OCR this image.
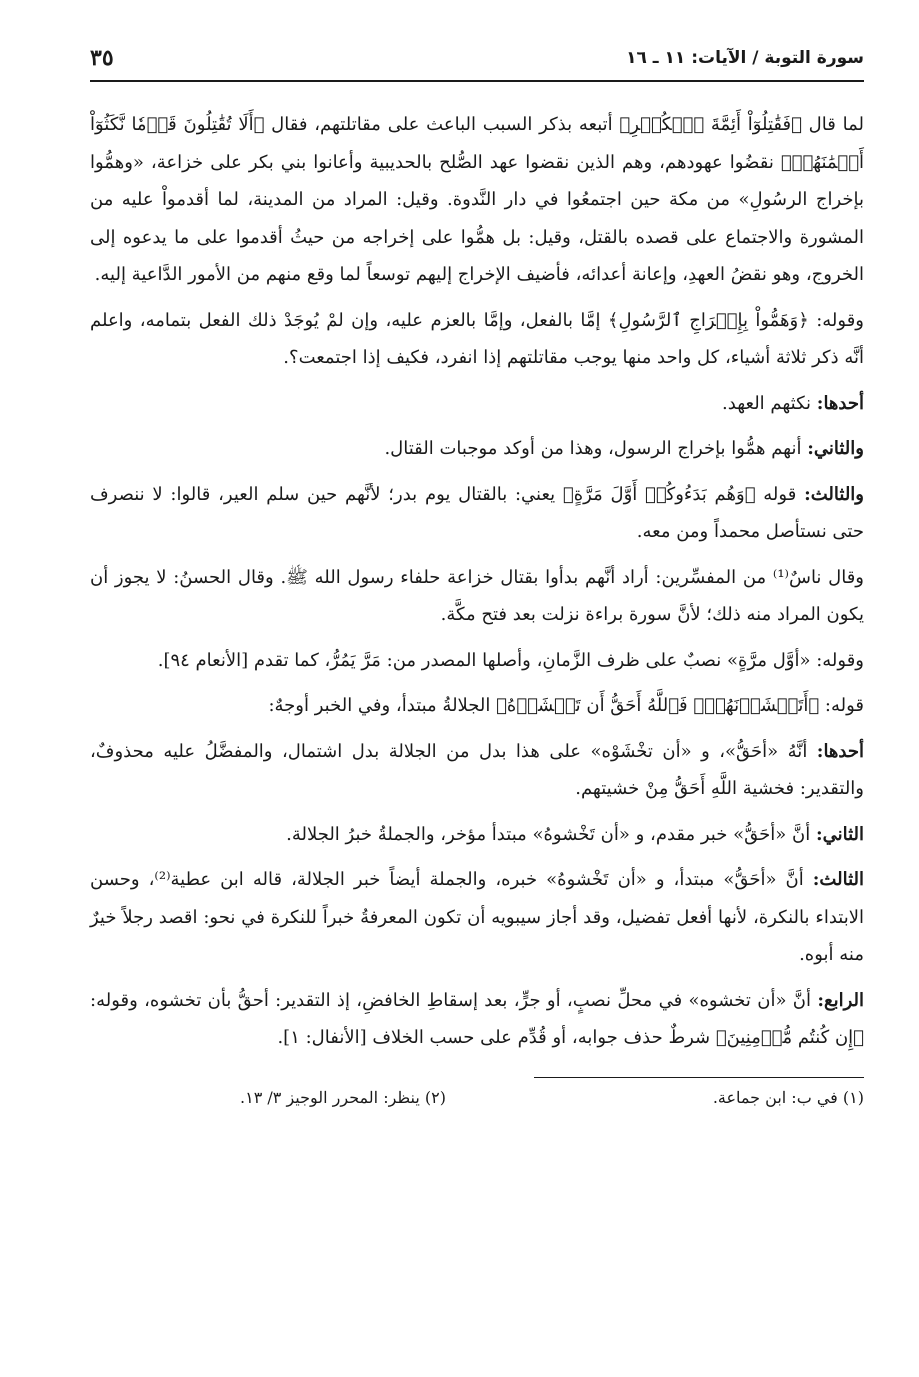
سورة التوبة / الآيات: ١١ ـ ١٦
٣٥

لما قال ﴿فَقَٰتِلُوٓاْ أَئِمَّةَ ٱلۡكُفۡرِ﴾ أتبعه بذكر السبب الباعث على مقاتلتهم، فقال ﴿أَلَا تُقَٰتِلُونَ قَوۡمٗا نَّكَثُوٓاْ أَيۡمَٰنَهُمۡ﴾ نقضُوا عهودهم، وهم الذين نقضوا عهد الصُّلح بالحديبية وأعانوا بني بكر على خزاعة، «وهمُّوا بإخراج الرسُولِ» من مكة حين اجتمعُوا في دار النَّدوة. وقيل: المراد من المدينة، لما أقدمواْ عليه من المشورة والاجتماع على قصده بالقتل، وقيل: بل همُّوا على إخراجه من حيثُ أقدموا على ما يدعوه إلى الخروج، وهو نقضُ العهدِ، وإعانة أعدائه، فأضيف الإخراج إليهم توسعاً لما وقع منهم من الأمور الدَّاعية إليه.

وقوله: ﴿وَهَمُّواْ بِإِخۡرَاجِ ٱلرَّسُولِ﴾ إمَّا بالفعل، وإمَّا بالعزم عليه، وإن لمْ يُوجَدْ ذلك الفعل بتمامه، واعلم أنَّه ذكر ثلاثة أشياء، كل واحد منها يوجب مقاتلتهم إذا انفرد، فكيف إذا اجتمعت؟.

أحدها: نكثهم العهد.

والثاني: أنهم همُّوا بإخراج الرسول، وهذا من أوكد موجبات القتال.

والثالث: قوله ﴿وَهُم بَدَءُوكُمۡ أَوَّلَ مَرَّةٍ﴾ يعني: بالقتال يوم بدر؛ لأنَّهم حين سلم العير، قالوا: لا ننصرف حتى نستأصل محمداً ومن معه.

وقال ناسٌ⁽¹⁾ من المفسِّرين: أراد أنَّهم بدأوا بقتال خزاعة حلفاء رسول الله ﷺ. وقال الحسنُ: لا يجوز أن يكون المراد منه ذلك؛ لأنَّ سورة براءة نزلت بعد فتح مكَّة.

وقوله: «أوَّل مرَّةٍ» نصبٌ على ظرف الزَّمانِ، وأصلها المصدر من: مَرَّ يَمُرُّ، كما تقدم [الأنعام ٩٤].

قوله: ﴿أَتَخۡشَوۡنَهُمۡۚ فَٱللَّهُ أَحَقُّ أَن تَخۡشَوۡهُ﴾ الجلالةُ مبتدأ، وفي الخبر أوجهٌ:

أحدها: أنَّهُ «أحَقُّ»، و «أن تخْشَوْه» على هذا بدل من الجلالة بدل اشتمال، والمفضَّلُ عليه محذوفٌ، والتقدير: فخشية اللَّهِ أَحَقُّ مِنْ خشيتهم.

الثاني: أنَّ «أحَقُّ» خبر مقدم، و «أن تَخْشوهُ» مبتدأ مؤخر، والجملةُ خبرُ الجلالة.

الثالث: أنَّ «أحَقُّ» مبتدأ، و «أن تَخْشوهُ» خبره، والجملة أيضاً خبر الجلالة، قاله ابن عطية⁽²⁾، وحسن الابتداء بالنكرة، لأنها أفعل تفضيل، وقد أجاز سيبويه أن تكون المعرفةُ خبراً للنكرة في نحو: اقصد رجلاً خيرٌ منه أبوه.

الرابع: أنَّ «أن تخشوه» في محلِّ نصبٍ، أو جرٍّ، بعد إسقاطِ الخافضِ، إذ التقدير: أحقُّ بأن تخشوه، وقوله: ﴿إِن كُنتُم مُّؤۡمِنِينَ﴾ شرطٌ حذف جوابه، أو قُدِّم على حسب الخلاف [الأنفال: ١].

(١) في ب: ابن جماعة.
(٢) ينظر: المحرر الوجيز ٣/ ١٣.
